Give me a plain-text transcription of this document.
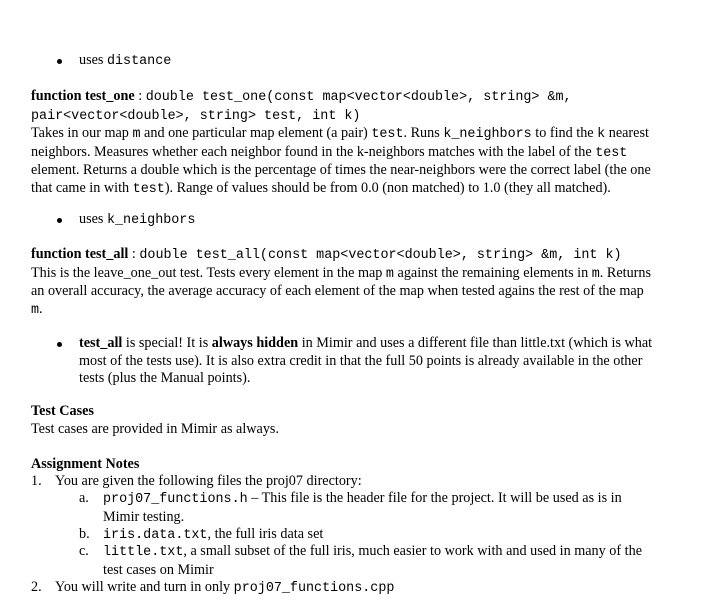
uses distance

function test_one : double test_one(const map<vector<double>, string> &m, pair<vector<double>, string> test, int k)

Takes in our map m and one particular map element (a pair) test. Runs k_neighbors to find the k nearest neighbors. Measures whether each neighbor found in the k-neighbors matches with the label of the test element. Returns a double which is the percentage of times the near-neighbors were the correct label (the one that came in with test). Range of values should be from 0.0 (non matched) to 1.0 (they all matched).

uses k_neighbors

function test_all : double test_all(const map<vector<double>, string> &m, int k)

This is the leave_one_out test. Tests every element in the map m against the remaining elements in m. Returns an overall accuracy, the average accuracy of each element of the map when tested agains the rest of the map m.

test_all is special! It is always hidden in Mimir and uses a different file than little.txt (which is what most of the tests use). It is also extra credit in that the full 50 points is already available in the other tests (plus the Manual points).

Test Cases

Test cases are provided in Mimir as always.

Assignment Notes

1. You are given the following files the proj07 directory:
a. proj07_functions.h – This file is the header file for the project. It will be used as is in Mimir testing.
b. iris.data.txt, the full iris data set
c. little.txt, a small subset of the full iris, much easier to work with and used in many of the test cases on Mimir
2. You will write and turn in only proj07_functions.cpp
